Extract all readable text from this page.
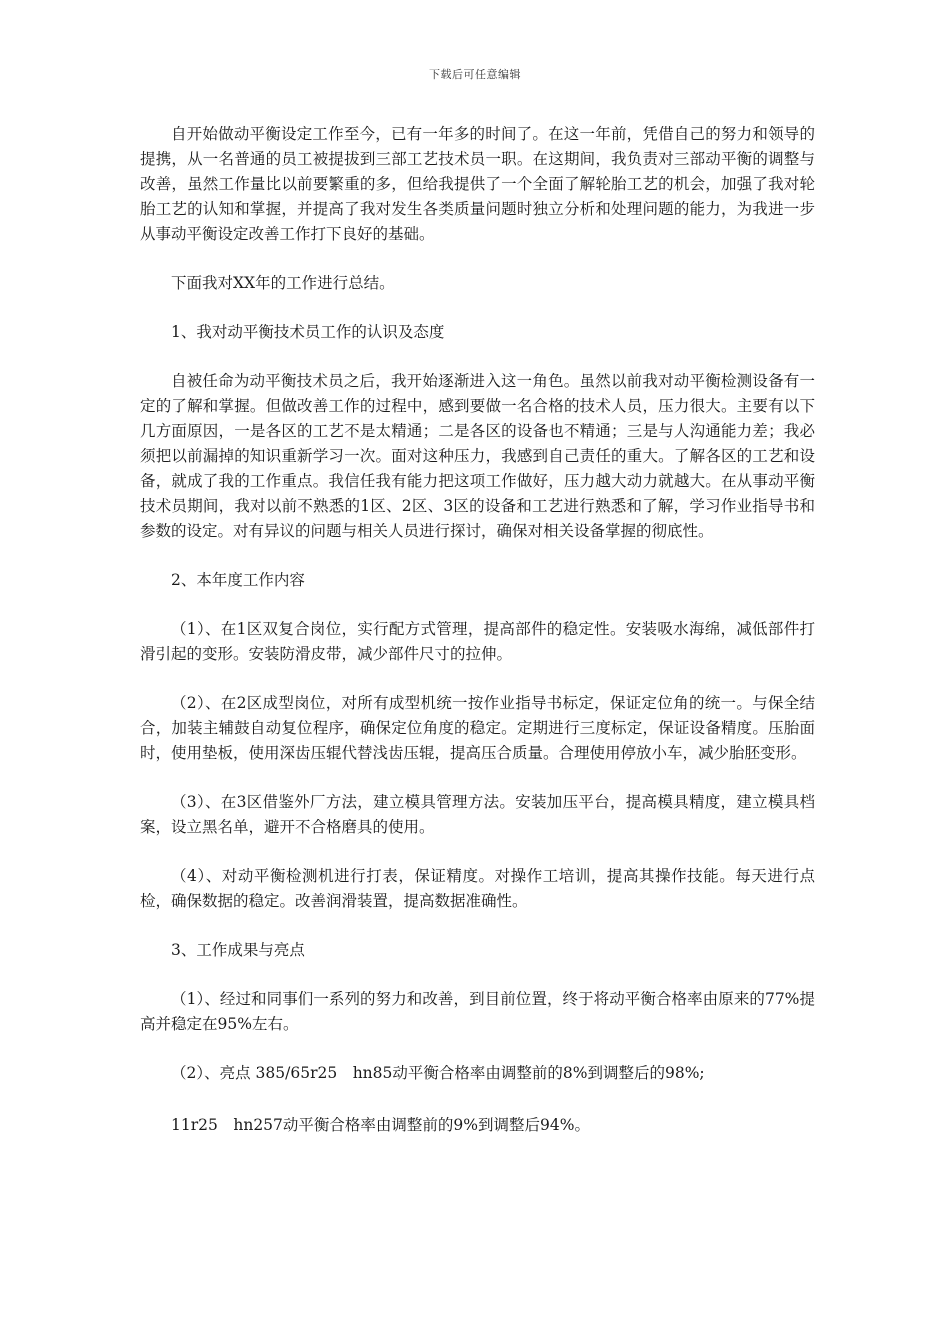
下载后可任意编辑

自开始做动平衡设定工作至今，已有一年多的时间了。在这一年前，凭借自己的努力和领导的提携，从一名普通的员工被提拔到三部工艺技术员一职。在这期间，我负责对三部动平衡的调整与改善，虽然工作量比以前要繁重的多，但给我提供了一个全面了解轮胎工艺的机会，加强了我对轮胎工艺的认知和掌握，并提高了我对发生各类质量问题时独立分析和处理问题的能力，为我进一步从事动平衡设定改善工作打下良好的基础。

下面我对XX年的工作进行总结。

1、我对动平衡技术员工作的认识及态度

自被任命为动平衡技术员之后，我开始逐渐进入这一角色。虽然以前我对动平衡检测设备有一定的了解和掌握。但做改善工作的过程中，感到要做一名合格的技术人员，压力很大。主要有以下几方面原因，一是各区的工艺不是太精通；二是各区的设备也不精通；三是与人沟通能力差；我必须把以前漏掉的知识重新学习一次。面对这种压力，我感到自己责任的重大。了解各区的工艺和设备，就成了我的工作重点。我信任我有能力把这项工作做好，压力越大动力就越大。在从事动平衡技术员期间，我对以前不熟悉的1区、2区、3区的设备和工艺进行熟悉和了解，学习作业指导书和参数的设定。对有异议的问题与相关人员进行探讨，确保对相关设备掌握的彻底性。

2、本年度工作内容

（1）、在1区双复合岗位，实行配方式管理，提高部件的稳定性。安装吸水海绵，减低部件打滑引起的变形。安装防滑皮带，减少部件尺寸的拉伸。

（2）、在2区成型岗位，对所有成型机统一按作业指导书标定，保证定位角的统一。与保全结合，加装主辅鼓自动复位程序，确保定位角度的稳定。定期进行三度标定，保证设备精度。压胎面时，使用垫板，使用深齿压辊代替浅齿压辊，提高压合质量。合理使用停放小车，减少胎胚变形。

（3）、在3区借鉴外厂方法，建立模具管理方法。安装加压平台，提高模具精度，建立模具档案，设立黑名单，避开不合格磨具的使用。

（4）、对动平衡检测机进行打表，保证精度。对操作工培训，提高其操作技能。每天进行点检，确保数据的稳定。改善润滑装置，提高数据准确性。

3、工作成果与亮点

（1）、经过和同事们一系列的努力和改善，到目前位置，终于将动平衡合格率由原来的77%提高并稳定在95%左右。

（2）、亮点 385/65r25　hn85动平衡合格率由调整前的8%到调整后的98%;

11r25　hn257动平衡合格率由调整前的9%到调整后94%。
